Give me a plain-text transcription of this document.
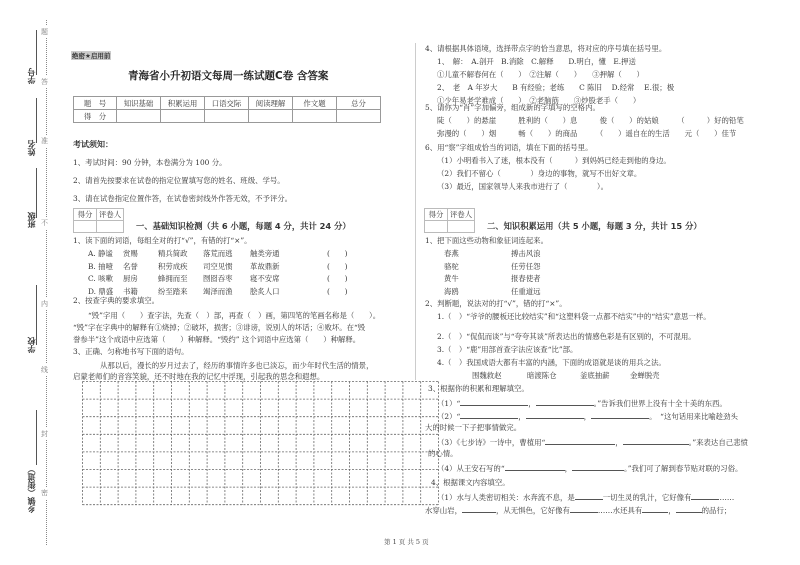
学号
姓名
班级
学校
乡镇（街道）
题
答
准
不
内
线
封
密
绝密★启用前
青海省小升初语文每周一练试题C卷 含答案
题　号	知识基础	积累运用	口语交际	阅读理解	作文题	总分
得　分						
考试须知：
1、考试时间：90 分钟，本卷满分为 100 分。
2、请首先按要求在试卷的指定位置填写您的姓名、班级、学号。
3、请在试卷指定位置作答，在试卷密封线外作答无效，不予评分。
得分	评卷人

一、基础知识检测（共 6 小题，每题 4 分，共计 24 分）
1、读下面的词语，每组全对的打“√”，有错的打“×”。
A. 静谧 赏赐	精兵简政 落荒而逃 触类旁通	(　　)
B. 抽噎 名誉	积劳成疾 司空见惯 革故鼎新	(　　)
C. 咳嗽 厨房	蜂拥而至 囫囵吞枣 寝不安席	(　　)
D. 鼎盛 书籍	纷至踏来 竭泽而渔 脍炙人口	(　　)
2、按查字典的要求填空。
“毁”字用（　　）查字法，先查（　）部，再查（　）画，第四笔的笔画名称是（　　）。
“毁”字在字典中的解释有①烧掉；②破坏，损害；③诽谤，说别人的坏话；④败坏。在“毁
誉参半”这个成语中应选第（　　）种解释。“毁约” 这个词语中应选第（　　）种解释。
3、正确、匀称地书写下面的语句。
从那以后，漫长的岁月过去了，经历的事情许多也已淡忘，而少年时代生活的情景，
启蒙老师们的音容笑貌，还不时地在我的记忆中浮现，引起我的思念和遐想。
4、请根据具体语境，选择带点字的恰当意思，将对应的序号填在括号里。
1、　解：　A.剖开　B.消除　C.解释　　D.明白，懂　E.押送
①儿童不解春何在（　　）　②注解（　　）　　③押解（　　）
2、　老　A 年岁大　　B 有经验；老练　　C 陈旧　 D.经常　 E.很；极
①少年易老学难成（　　）　②老脑筋　　③炒股老手（　　）
5、请你为“肖”字加偏旁，组成新的字填写的空格内。
陡（　　）的悬崖　　　胜利的（　　）息　　　俊（　　）的姑娘　　　（　　　）好的铅笔
弥漫的（　　）烟　　　畅（　　）的商品　　　（　　）遥自在的生活　　元（　　）佳节
6、用“察”字组成恰当的词语，填在下面的括号里。
（1）小明看书入了迷，根本没有（　　　）到妈妈已经走到他的身边。
（2）我们不留心（　　　　）身边的事物，就写不出好文章。
（3）最近，国家领导人来我市进行了（　　　　）。
得分	评卷人

二、知识积累运用（共 5 小题，每题 3 分，共计 15 分）
1、把下面这些动物和象征词连起来。
春燕
骆驼
黄牛
海鸥
搏击风浪
任劳任怨
报春使者
任重道远
2、判断题，说法对的打“√”，错的打“×”。
1.（　）“爷爷的腰板还比较结实”和“这塑料袋一点都不结实”中的“结实”意思一样。
2.（　）“侃侃而谈”与“夸夸其谈”所表达出的情感色彩是有区别的，不可混用。
3.（　）“鹿”用部首查字法应该查“比”部。
4.（　）我国成语大都有丰富的内涵，下面的成语就是谈的用兵之法。
围魏救赵	暗渡陈仓	釜底抽薪	金蝉脱壳
3、根据你的积累和理解填空。
（1）“	，	。”告诉我们世界上没有十全十美的东西。
（2）“	，	，	。　“这句话用来比喻趁劲头
大的时候一下子把事情做完。
（3）《七步诗》一诗中，曹植用“	，	。”来表达自己悲愤
的心情。
（4）从王安石写的“	，	。”我们可了解到春节贴对联的习俗。
4、根据课文内容填空。
（1）水与人类密切相关：水奔流不息，是	一切生灵的乳汁，它好像有	……
水穿山岩，	，从无惧色，它好像有	……水还具有	，	的品行；
第 1 页 共 5 页
